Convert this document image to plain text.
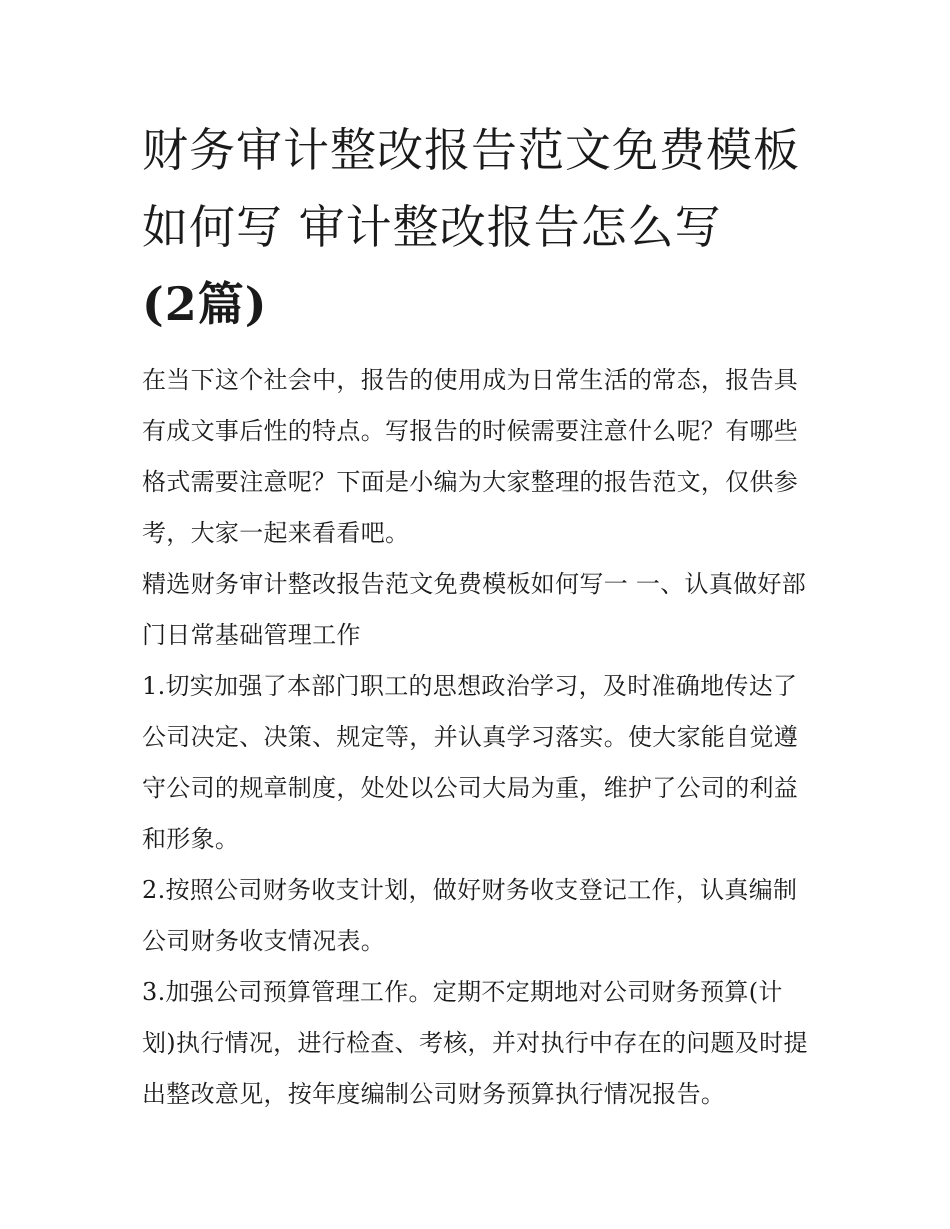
财务审计整改报告范文免费模板如何写 审计整改报告怎么写
(2篇)

在当下这个社会中，报告的使用成为日常生活的常态，报告具有成文事后性的特点。写报告的时候需要注意什么呢？有哪些格式需要注意呢？下面是小编为大家整理的报告范文，仅供参考，大家一起来看看吧。

精选财务审计整改报告范文免费模板如何写一 一、认真做好部门日常基础管理工作

1.切实加强了本部门职工的思想政治学习，及时准确地传达了公司决定、决策、规定等，并认真学习落实。使大家能自觉遵守公司的规章制度，处处以公司大局为重，维护了公司的利益和形象。

2.按照公司财务收支计划，做好财务收支登记工作，认真编制公司财务收支情况表。

3.加强公司预算管理工作。定期不定期地对公司财务预算(计划)执行情况，进行检查、考核，并对执行中存在的问题及时提出整改意见，按年度编制公司财务预算执行情况报告。
